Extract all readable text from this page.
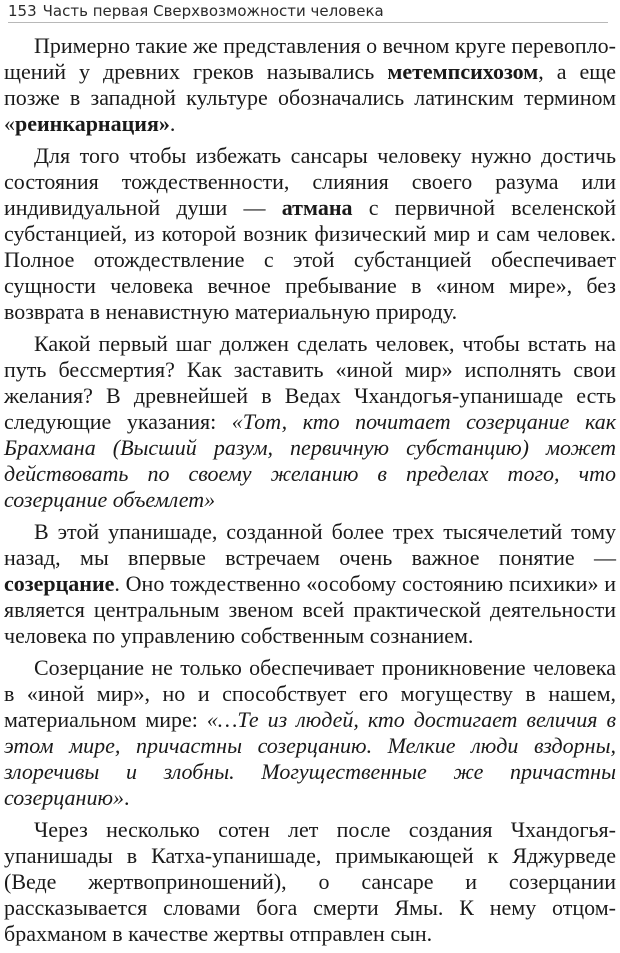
153 Часть первая Сверхвозможности человека

Примерно такие же представления о вечном круге перевоплощений у древних греков назывались метемпсихозом, а еще позже в западной культуре обозначались латинским термином «реинкарнация».

Для того чтобы избежать сансары человеку нужно достичь состояния тождественности, слияния своего разума или индивидуальной души — атмана с первичной вселенской субстанцией, из которой возник физический мир и сам человек. Полное отождествление с этой субстанцией обеспечивает сущности человека вечное пребывание в «ином мире», без возврата в ненавистную материальную природу.

Какой первый шаг должен сделать человек, чтобы встать на путь бессмертия? Как заставить «иной мир» исполнять свои желания? В древнейшей в Ведах Чхандогья-упанишаде есть следующие указания: «Тот, кто почитает созерцание как Брахмана (Высший разум, первичную субстанцию) может действовать по своему желанию в пределах того, что созерцание объемлет»

В этой упанишаде, созданной более трех тысячелетий тому назад, мы впервые встречаем очень важное понятие — созерцание. Оно тождественно «особому состоянию психики» и является центральным звеном всей практической деятельности человека по управлению собственным сознанием.

Созерцание не только обеспечивает проникновение человека в «иной мир», но и способствует его могуществу в нашем, материальном мире: «…Те из людей, кто достигает величия в этом мире, причастны созерцанию. Мелкие люди вздорны, злоречивы и злобны. Могущественные же причастны созерцанию».

Через несколько сотен лет после создания Чхандогья-упанишады в Катха-упанишаде, примыкающей к Яджурведе (Веде жертвоприношений), о сансаре и созерцании рассказывается словами бога смерти Ямы. К нему отцом-брахманом в качестве жертвы отправлен сын.
